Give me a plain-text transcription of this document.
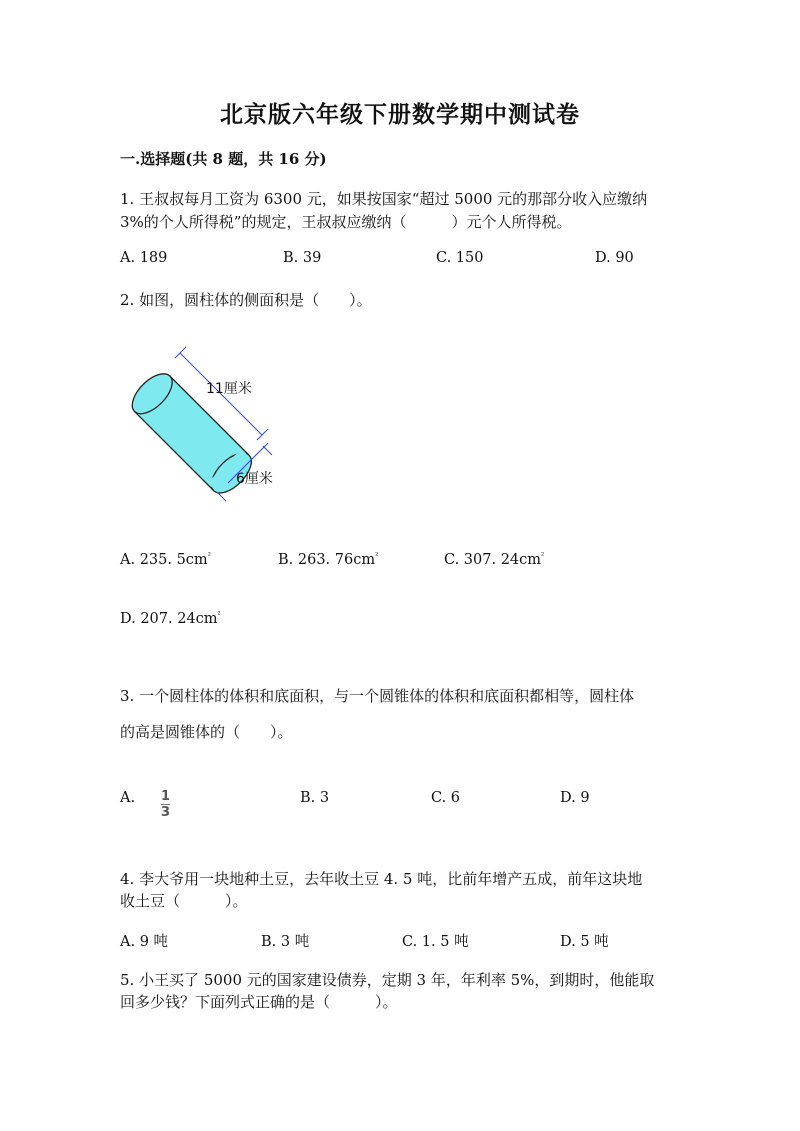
北京版六年级下册数学期中测试卷
一.选择题(共 8 题，共 16 分)
1. 王叔叔每月工资为 6300 元，如果按国家“超过 5000 元的那部分收入应缴纳
3%的个人所得税”的规定，王叔叔应缴纳（　　　）元个人所得税。
A. 189	B. 39	C. 150	D. 90
2. 如图，圆柱体的侧面积是（　　）。
11厘米
6厘米
A. 235. $5cm^{^2}$	B. 263. $76cm^{^2}$	C. 307. $24cm^{^2}$
D. 207. $24cm^{^2}$
3. 一个圆柱体的体积和底面积，与一个圆锥体的体积和底面积都相等，圆柱体
的高是圆锥体的（　　）。
A. $\frac{1}{3}$	B. 3	C. 6	D. 9
4. 李大爷用一块地种土豆，去年收土豆 4. 5 吨，比前年增产五成，前年这块地
收土豆（　　　）。
A. 9 吨	B. 3 吨	C. 1. 5 吨	D. 5 吨
5. 小王买了 5000 元的国家建设债券，定期 3 年，年利率 5%，到期时，他能取
回多少钱？下面列式正确的是（　　　）。
